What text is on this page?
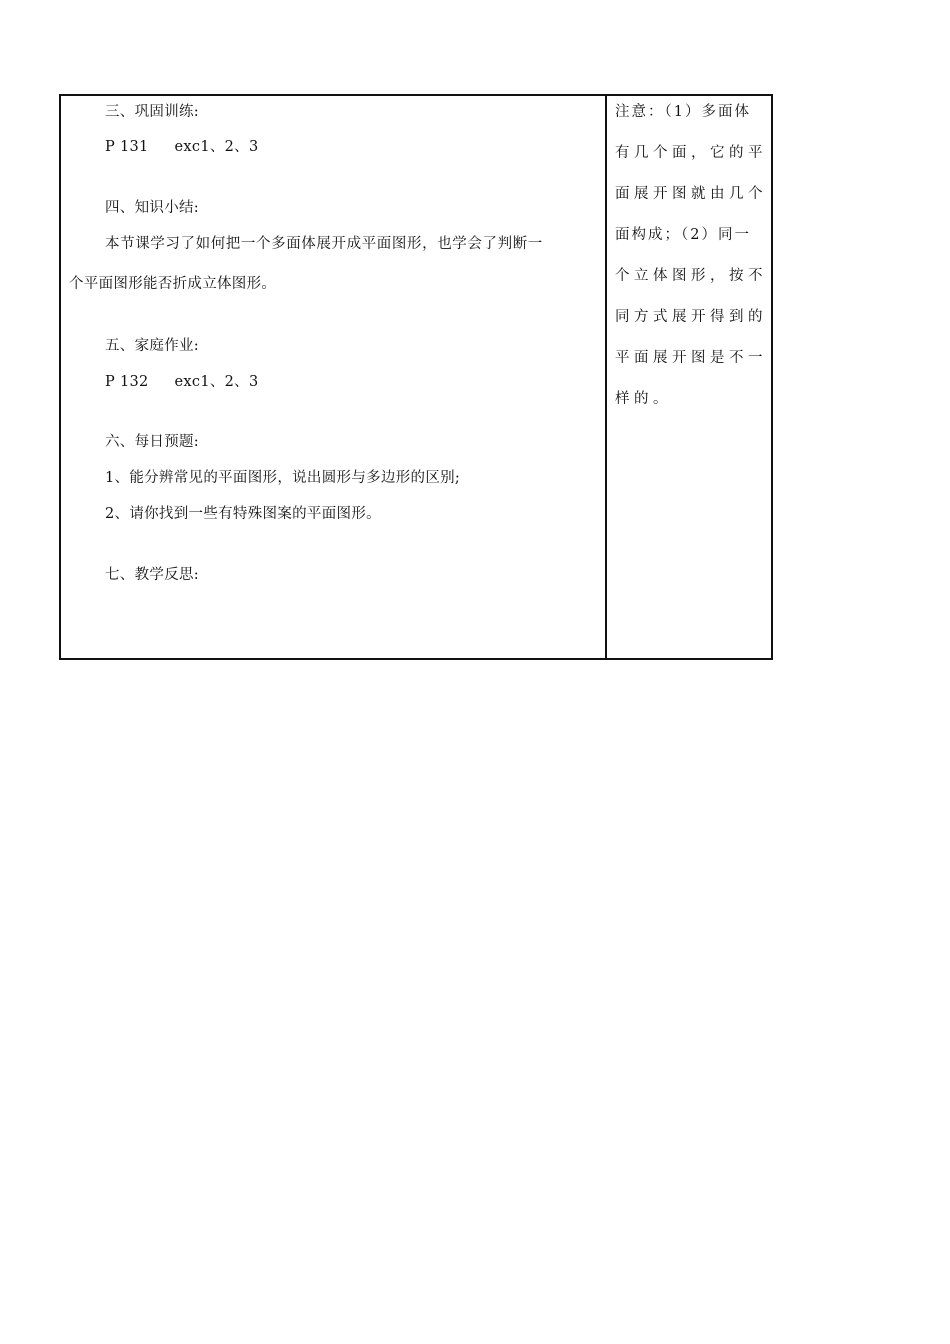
三、巩固训练:
P 131 exc1、2、3
四、知识小结:
本节课学习了如何把一个多面体展开成平面图形，也学会了判断一
个平面图形能否折成立体图形。
五、家庭作业:
P 132 exc1、2、3
六、每日预题:
1、能分辨常见的平面图形，说出圆形与多边形的区别;
2、请你找到一些有特殊图案的平面图形。
七、教学反思:
注意：（1）多面体
有几个面，它的平
面展开图就由几个
面构成；（2）同一
个立体图形，按不
同方式展开得到的
平面展开图是不一
样的。
